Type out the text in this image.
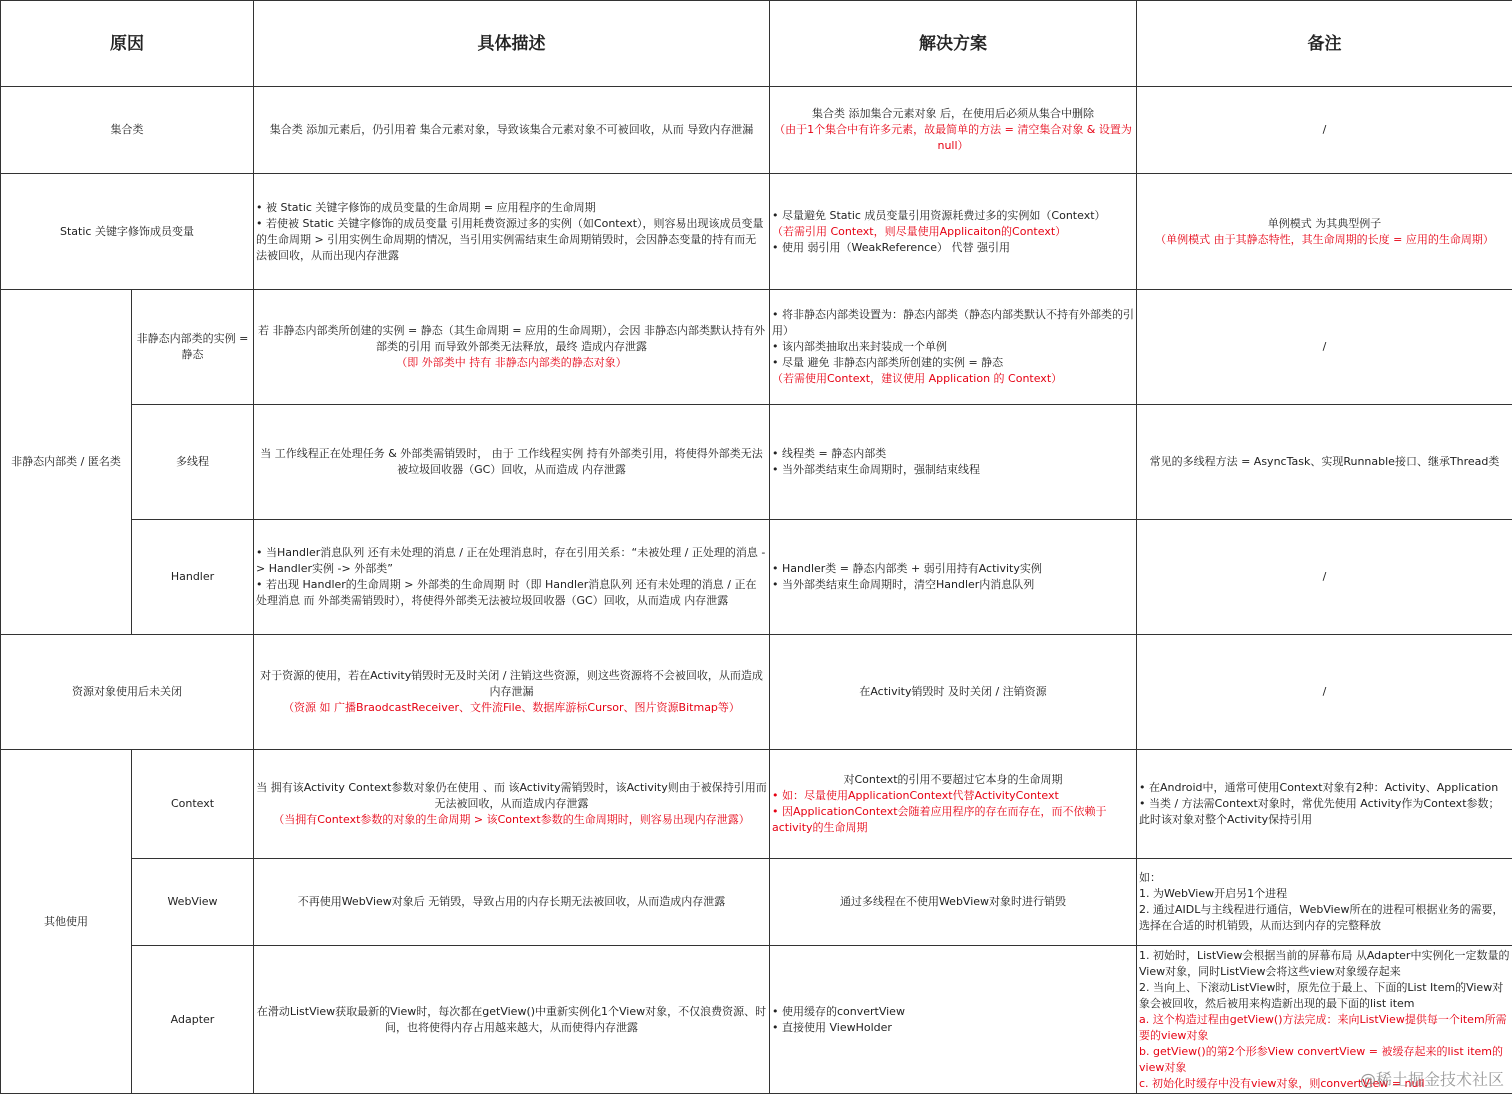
原因		具体描述	解决方案	备注
集合类		集合类 添加元素后，仍引用着 集合元素对象，导致该集合元素对象不可被回收，从而 导致内存泄漏	集合类 添加集合元素对象 后，在使用后必须从集合中删除
（由于1个集合中有许多元素，故最简单的方法 = 清空集合对象 & 设置为null）	/
Static 关键字修饰成员变量		• 被 Static 关键字修饰的成员变量的生命周期 = 应用程序的生命周期
• 若使被 Static 关键字修饰的成员变量 引用耗费资源过多的实例（如Context），则容易出现该成员变量的生命周期 > 引用实例生命周期的情况，当引用实例需结束生命周期销毁时，会因静态变量的持有而无法被回收，从而出现内存泄露	• 尽量避免 Static 成员变量引用资源耗费过多的实例如（Context）
（若需引用 Context，则尽量使用Applicaiton的Context）
• 使用 弱引用（WeakReference） 代替 强引用	单例模式 为其典型例子
（单例模式 由于其静态特性，其生命周期的长度 = 应用的生命周期）

非静态内部类 / 匿名类	非静态内部类的实例 = 静态	若 非静态内部类所创建的实例 = 静态（其生命周期 = 应用的生命周期），会因 非静态内部类默认持有外部类的引用 而导致外部类无法释放，最终 造成内存泄露
（即 外部类中 持有 非静态内部类的静态对象）	• 将非静态内部类设置为：静态内部类（静态内部类默认不持有外部类的引用）
• 该内部类抽取出来封装成一个单例
• 尽量 避免 非静态内部类所创建的实例 = 静态
（若需使用Context，建议使用 Application 的 Context）	/
	多线程	当 工作线程正在处理任务 & 外部类需销毁时， 由于 工作线程实例 持有外部类引用，将使得外部类无法被垃圾回收器（GC）回收，从而造成 内存泄露	• 线程类 = 静态内部类
• 当外部类结束生命周期时，强制结束线程	常见的多线程方法 = AsyncTask、实现Runnable接口、继承Thread类
	Handler	• 当Handler消息队列 还有未处理的消息 / 正在处理消息时，存在引用关系：“未被处理 / 正处理的消息 -> Handler实例 -> 外部类”
• 若出现 Handler的生命周期 > 外部类的生命周期 时（即 Handler消息队列 还有未处理的消息 / 正在处理消息 而 外部类需销毁时），将使得外部类无法被垃圾回收器（GC）回收，从而造成 内存泄露	• Handler类 = 静态内部类 + 弱引用持有Activity实例
• 当外部类结束生命周期时，清空Handler内消息队列	/
资源对象使用后未关闭		对于资源的使用，若在Activity销毁时无及时关闭 / 注销这些资源，则这些资源将不会被回收，从而造成内存泄漏
（资源 如 广播BraodcastReceiver、文件流File、数据库游标Cursor、图片资源Bitmap等）	在Activity销毁时 及时关闭 / 注销资源	/
其他使用	Context	当 拥有该Activity Context参数对象仍在使用 、而 该Activity需销毁时，该Activity则由于被保持引用而无法被回收，从而造成内存泄露
（当拥有Context参数的对象的生命周期 > 该Context参数的生命周期时，则容易出现内存泄露）	对Context的引用不要超过它本身的生命周期
• 如：尽量使用ApplicationContext代替ActivityContext
• 因ApplicationContext会随着应用程序的存在而存在，而不依赖于activity的生命周期	• 在Android中，通常可使用Context对象有2种：Activity、Application
• 当类 / 方法需Context对象时，常优先使用 Activity作为Context参数；此时该对象对整个Activity保持引用

	WebView	不再使用WebView对象后 无销毁，导致占用的内存长期无法被回收，从而造成内存泄露	通过多线程在不使用WebView对象时进行销毁	如：
1. 为WebView开启另1个进程
2. 通过AIDL与主线程进行通信，WebView所在的进程可根据业务的需要，选择在合适的时机销毁，从而达到内存的完整释放

	Adapter	在滑动ListView获取最新的View时，每次都在getView()中重新实例化1个View对象，不仅浪费资源、时间，也将使得内存占用越来越大，从而使得内存泄露	• 使用缓存的convertView
• 直接使用 ViewHolder	1. 初始时，ListView会根据当前的屏幕布局 从Adapter中实例化一定数量的 View对象，同时ListView会将这些view对象缓存起来
2. 当向上、下滚动ListView时，原先位于最上、下面的List Item的View对象会被回收，然后被用来构造新出现的最下面的list item
a. 这个构造过程由getView()方法完成：来向ListView提供每一个item所需要的view对象
b. getView()的第2个形参View convertView = 被缓存起来的list item的view对象
c. 初始化时缓存中没有view对象，则convertView = null
@稀土掘金技术社区
